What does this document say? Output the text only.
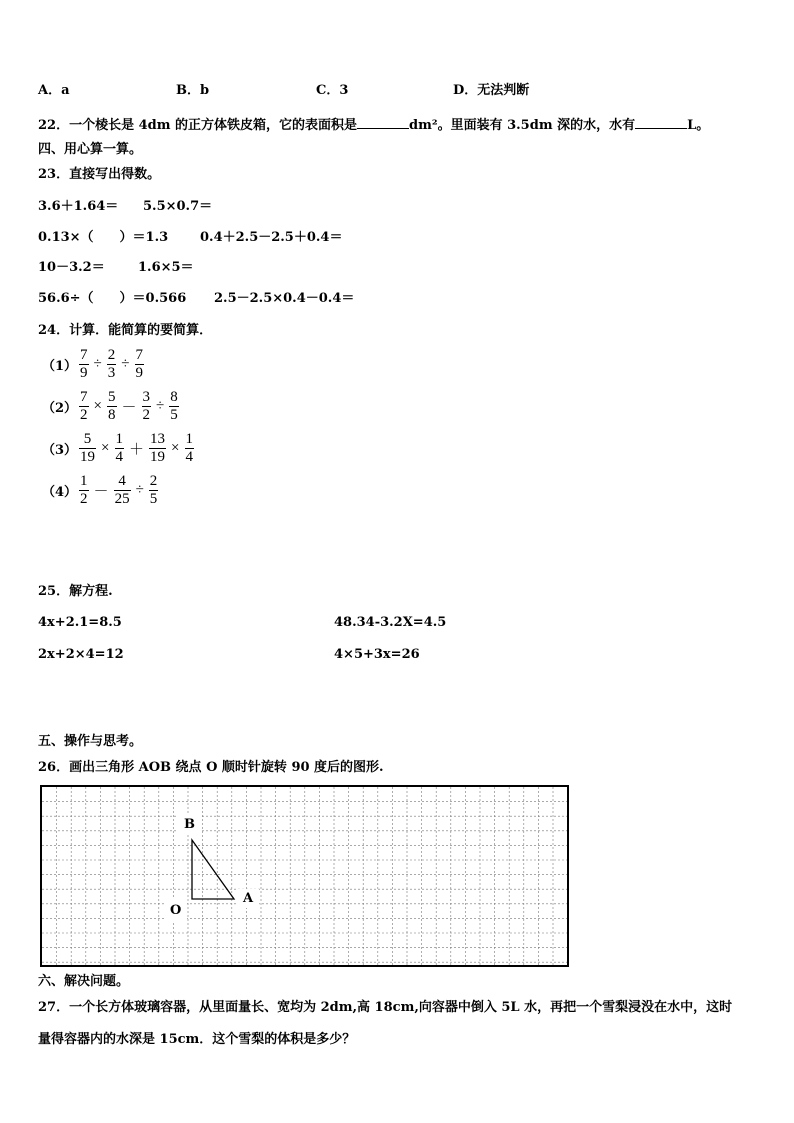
A．a	B．b	C．3	D．无法判断
22．一个棱长是 4dm 的正方体铁皮箱，它的表面积是	dm²。里面装有 3.5dm 深的水，水有	L。
四、用心算一算。
23．直接写出得数。
3.6＋1.64＝ 5.5×0.7＝
0.13×（　　）＝1.3 0.4＋2.5－2.5＋0.4＝
10－3.2＝	1.6×5＝
56.6÷（　　）＝0.566 2.5－2.5×0.4－0.4＝
24．计算．能简算的要简算．
$(1) \frac{7}{9} \div \frac{2}{3} \div \frac{7}{9}$
$(2) \frac{7}{2} \times \frac{5}{8} - \frac{3}{2} \div \frac{8}{5}$
$(3) \frac{5}{19} \times \frac{1}{4} + \frac{13}{19} \times \frac{1}{4}$
$(4) \frac{1}{2} - \frac{4}{25} \div \frac{2}{5}$
25．解方程.
4x+2.1=8.5	48.34-3.2X=4.5
2x+2×4=12	4×5+3x=26
五、操作与思考。
26．画出三角形 AOB 绕点 O 顺时针旋转 90 度后的图形.
B
A
O
六、解决问题。
27．一个长方体玻璃容器，从里面量长、宽均为 2dm,高 18cm,向容器中倒入 5L 水，再把一个雪梨浸没在水中，这时
量得容器内的水深是 15cm．这个雪梨的体积是多少？
